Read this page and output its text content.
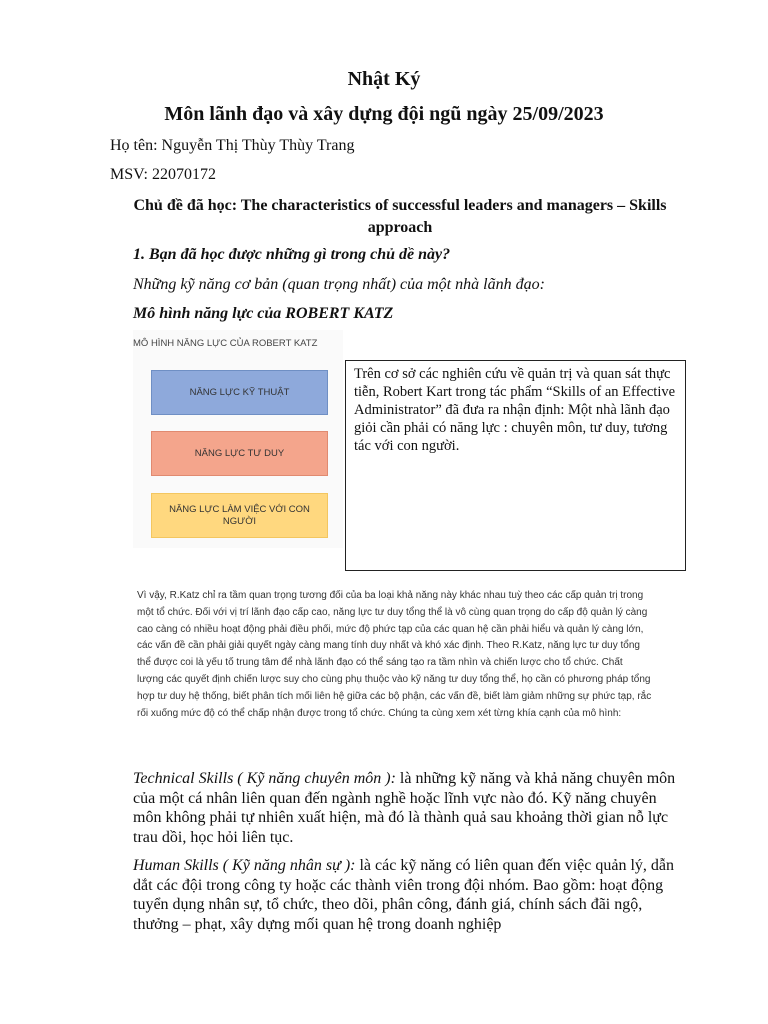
Nhật Ký
Môn lãnh đạo và xây dựng đội ngũ ngày 25/09/2023
Họ tên: Nguyễn Thị Thùy Thùy Trang
MSV: 22070172
Chủ đề đã học: The characteristics of successful leaders and managers – Skills approach
1. Bạn đã học được những gì trong chủ dề này?
Những kỹ năng cơ bản (quan trọng nhất) của một nhà lãnh đạo:
Mô hình năng lực của ROBERT KATZ
MÔ HÌNH NĂNG LỰC CỦA ROBERT KATZ
NĂNG LỰC KỸ THUẬT
NĂNG LỰC TƯ DUY
NĂNG LỰC LÀM VIỆC VỚI CON NGƯỜI
Trên cơ sở các nghiên cứu về quản trị và quan sát thực tiễn, Robert Kart trong tác phẩm “Skills of an Effective Administrator” đã đưa ra nhận định: Một nhà lãnh đạo giỏi cần phải có năng lực : chuyên môn, tư duy, tương tác với con người.
Vì vậy, R.Katz chỉ ra tầm quan trọng tương đối của ba loại khả năng này khác nhau tuỳ theo các cấp quản trị trong một tổ chức. Đối với vị trí lãnh đạo cấp cao, năng lực tư duy tổng thể là vô cùng quan trọng do cấp độ quản lý càng cao càng có nhiều hoạt động phải điều phối, mức độ phức tạp của các quan hệ cần phải hiểu và quản lý càng lớn, các vấn đề cần phải giải quyết ngày càng mang tính duy nhất và khó xác định. Theo R.Katz, năng lực tư duy tổng thể được coi là yếu tố trung tâm để nhà lãnh đạo có thể sáng tạo ra tầm nhìn và chiến lược cho tổ chức. Chất lượng các quyết định chiến lược suy cho cùng phụ thuộc vào kỹ năng tư duy tổng thể, họ cần có phương pháp tổng hợp tư duy hệ thống, biết phân tích mối liên hệ giữa các bộ phận, các vấn đề, biết làm giảm những sự phức tạp, rắc rối xuống mức độ có thể chấp nhận được trong tổ chức. Chúng ta cùng xem xét từng khía cạnh của mô hình:
Technical Skills ( Kỹ năng chuyên môn ): là những kỹ năng và khả năng chuyên môn của một cá nhân liên quan đến ngành nghề hoặc lĩnh vực nào đó. Kỹ năng chuyên môn không phải tự nhiên xuất hiện, mà đó là thành quả sau khoảng thời gian nỗ lực trau dồi, học hỏi liên tục.
Human Skills ( Kỹ năng nhân sự ): là các kỹ năng có liên quan đến việc quản lý, dẫn dắt các đội trong công ty hoặc các thành viên trong đội nhóm. Bao gồm: hoạt động tuyển dụng nhân sự, tổ chức, theo dõi, phân công, đánh giá, chính sách đãi ngộ, thưởng – phạt, xây dựng mối quan hệ trong doanh nghiệp
